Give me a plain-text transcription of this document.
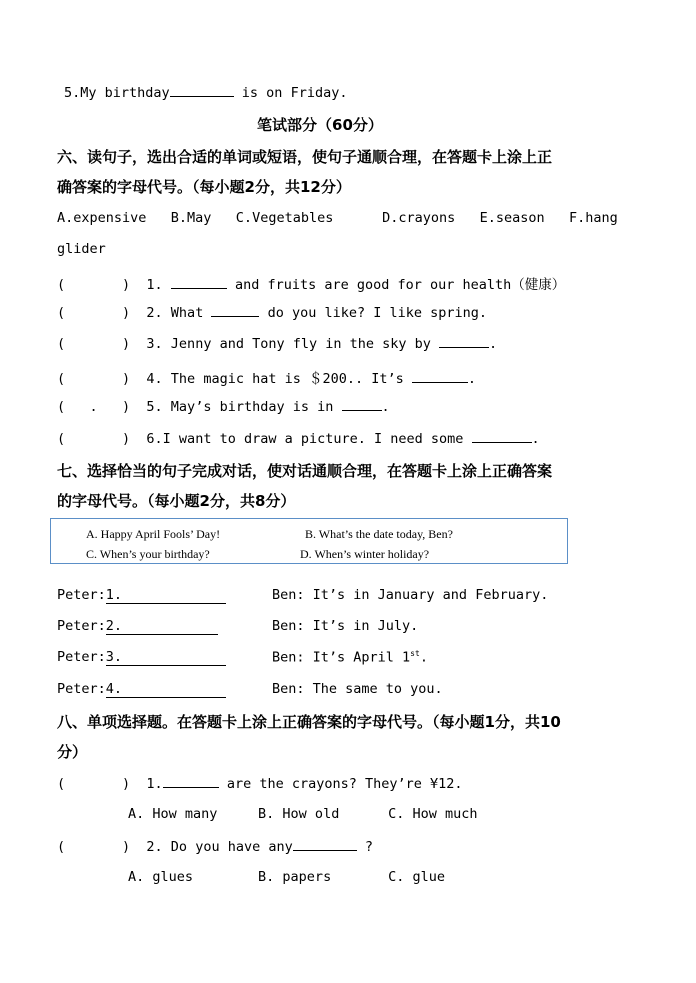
5.My birthday	is on Friday.
笔试部分（60分）
六、读句子，选出合适的单词或短语，使句子通顺合理，在答题卡上涂上正
确答案的字母代号。（每小题2分，共12分）
A.expensive   B.May   C.Vegetables      D.crayons   E.season   F.hang
glider
(       ) 1.	and fruits are good for our health（健康）
(       ) 2. What	do you like? I like spring.
(       ) 3. Jenny and Tony fly in the sky by	.
(       ) 4. The magic hat is ＄200.. It’s	.
(   .   ) 5. May’s birthday is in	.
(       ) 6.I want to draw a picture. I need some	.
七、选择恰当的句子完成对话，使对话通顺合理，在答题卡上涂上正确答案
的字母代号。（每小题2分，共8分）
A. Happy April Fools’ Day!	B. What’s the date today, Ben?
C. When’s your birthday?	D. When’s winter holiday?
Peter:1.	Ben: It’s in January and February.
Peter:2.	Ben: It’s in July.
Peter:3.	Ben: It’s April 1st.
Peter:4.	Ben: The same to you.
八、单项选择题。在答题卡上涂上正确答案的字母代号。（每小题1分，共10
分）
(       ) 1.	are the crayons? They’re ¥12.
A. How many     B. How old      C. How much
(       ) 2. Do you have any	?
A. glues        B. papers       C. glue
